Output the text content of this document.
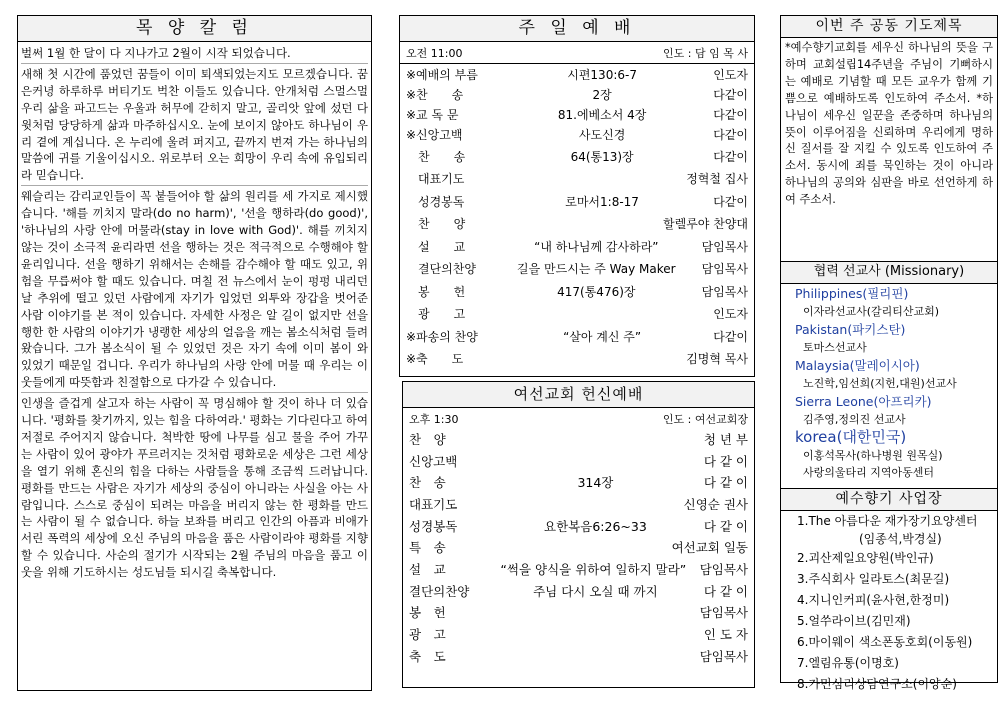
목 양 칼 럼

벌써 1월 한 달이 다 지나가고 2월이 시작 되었습니다.

새해 첫 시간에 품었던 꿈들이 이미 퇴색되었는지도 모르겠습니다. 꿈은커녕 하루하루 버티기도 벅찬 이들도 있습니다. 안개처럼 스멀스멀 우리 삶을 파고드는 우울과 허무에 갇히지 말고, 골리앗 앞에 섰던 다윗처럼 당당하게 삶과 마주하십시오. 눈에 보이지 않아도 하나님이 우리 곁에 계십니다. 온 누리에 울려 퍼지고, 끝까지 번져 가는 하나님의 말씀에 귀를 기울이십시오. 위로부터 오는 희망이 우리 속에 유입되리라 믿습니다.

웨슬리는 감리교인들이 꼭 붙들어야 할 삶의 원리를 세 가지로 제시했습니다. '해를 끼치지 말라(do no harm)', '선을 행하라(do good)', '하나님의 사랑 안에 머물라(stay in love with God)'. 해를 끼치지 않는 것이 소극적 윤리라면 선을 행하는 것은 적극적으로 수행해야 할 윤리입니다. 선을 행하기 위해서는 손해를 감수해야 할 때도 있고, 위험을 무릅써야 할 때도 있습니다. 며칠 전 뉴스에서 눈이 펑펑 내리던 날 추위에 떨고 있던 사람에게 자기가 입었던 외투와 장갑을 벗어준 사람 이야기를 본 적이 있습니다. 자세한 사정은 알 길이 없지만 선을 행한 한 사람의 이야기가 냉랭한 세상의 얼음을 깨는 봄소식처럼 들려왔습니다. 그가 봄소식이 될 수 있었던 것은 자기 속에 이미 봄이 와 있었기 때문일 겁니다. 우리가 하나님의 사랑 안에 머물 때 우리는 이웃들에게 따뜻함과 친절함으로 다가갈 수 있습니다.

인생을 즐겁게 살고자 하는 사람이 꼭 명심해야 할 것이 하나 더 있습니다. '평화를 찾기까지, 있는 힘을 다하여라.' 평화는 기다린다고 하여 저절로 주어지지 않습니다. 척박한 땅에 나무를 심고 물을 주어 가꾸는 사람이 있어 광야가 푸르러지는 것처럼 평화로운 세상은 그런 세상을 열기 위해 혼신의 힘을 다하는 사람들을 통해 조금씩 드러납니다. 평화를 만드는 사람은 자기가 세상의 중심이 아니라는 사실을 아는 사람입니다. 스스로 중심이 되려는 마음을 버리지 않는 한 평화를 만드는 사람이 될 수 없습니다. 하늘 보좌를 버리고 인간의 아픔과 비애가 서린 폭력의 세상에 오신 주님의 마음을 품은 사람이라야 평화를 지향할 수 있습니다. 사순의 절기가 시작되는 2월 주님의 마음을 품고 이웃을 위해 기도하시는 성도님들 되시길 축복합니다.

주 일 예 배
오전 11:00	인도 : 담 임 목 사
※예배의 부름	시편130:6-7	인도자
※찬　　송	2장	다같이
※교 독 문	81.에베소서 4장	다같이
※신앙고백	사도신경	다같이
　찬　　송	64(통13)장	다같이
　대표기도	정혁철 집사
　성경봉독	로마서1:8-17	다같이
　찬　　양	할렐루야 찬양대
　설　　교	“내 하나님께 감사하라”	담임목사
　결단의찬양	길을 만드시는 주 Way Maker	담임목사
　봉　　헌	417(통476)장	담임목사
　광　　고	인도자
※파송의 찬양	“살아 계신 주”	다같이
※축　　도	김명혁 목사
여선교회 헌신예배
오후 1:30	인도 : 여선교회장
찬　양	청 년 부
신앙고백	다 같 이
찬　송	314장	다 같 이
대표기도	신영순 권사
성경봉독	요한복음6:26~33	다 같 이
특　송	여선교회 일동
설　교	“썩을 양식을 위하여 일하지 말라”	담임목사
결단의찬양	주님 다시 오실 때 까지	다 같 이
봉　헌	담임목사
광　고	인 도 자
축　도	담임목사
이번 주 공동 기도제목
*예수향기교회를 세우신 하나님의 뜻을 구하며 교회설립14주년을 주님이 기뻐하시는 예배로 기념할 때 모든 교우가 함께 기쁨으로 예배하도록 인도하여 주소서. *하나님이 세우신 일꾼을 존중하며 하나님의 뜻이 이루어짐을 신뢰하며 우리에게 명하신 질서를 잘 지킬 수 있도록 인도하여 주소서. 동시에 죄를 묵인하는 것이 아니라 하나님의 공의와 심판을 바로 선언하게 하여 주소서.
협력 선교사 (Missionary)
Philippines(필리핀)
이자라선교사(갈리티산교회)
Pakistan(파키스탄)
토마스선교사
Malaysia(말레이시아)
노진학,임선희(지헌,대원)선교사
Sierra Leone(아프리카)
김주영,정의진 선교사
korea(대한민국)
이홍석목사(하나병원 원목실)
사랑의울타리 지역아동센터
예수향기 사업장
1.The 아름다운 재가장기요양센터
(임종석,박경실)
2.괴산제일요양원(박인규)
3.주식회사 일라토스(최문길)
4.지니인커피(윤사현,한정미)
5.얼쑤라이브(김민재)
6.마이웨이 색소폰동호회(이동원)
7.엘림유통(이명호)
8.가민심리상담연구소(이양순)
